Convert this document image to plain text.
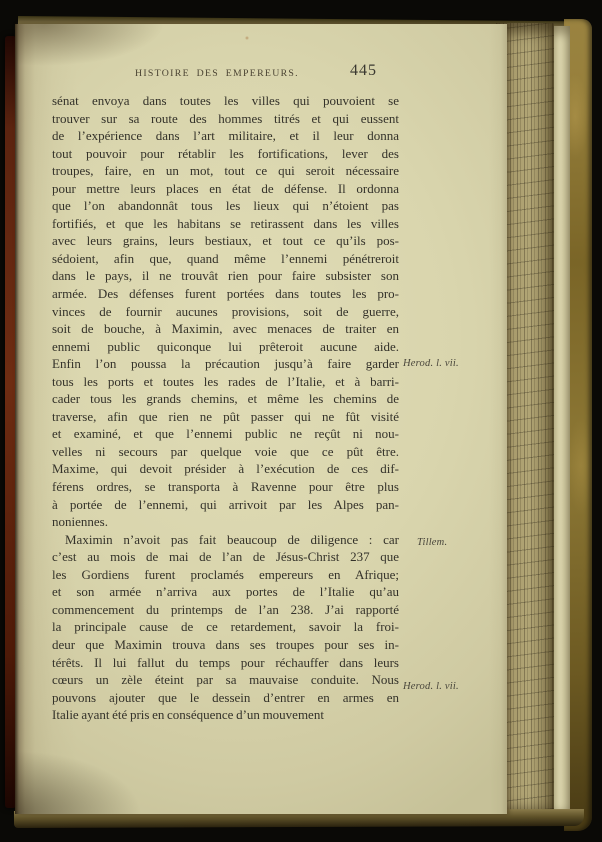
HISTOIRE DES EMPEREURS.	445
sénat envoya dans toutes les villes qui pouvoient se
trouver sur sa route des hommes titrés et qui eussent
de l’expérience dans l’art militaire, et il leur donna
tout pouvoir pour rétablir les fortifications, lever des
troupes, faire, en un mot, tout ce qui seroit nécessaire
pour mettre leurs places en état de défense. Il ordonna
que l’on abandonnât tous les lieux qui n’étoient pas
fortifiés, et que les habitans se retirassent dans les villes
avec leurs grains, leurs bestiaux, et tout ce qu’ils pos-
sédoient, afin que, quand même l’ennemi pénétreroit
dans le pays, il ne trouvât rien pour faire subsister son
armée. Des défenses furent portées dans toutes les pro-
vinces de fournir aucunes provisions, soit de guerre,
soit de bouche, à Maximin, avec menaces de traiter en
ennemi public quiconque lui prêteroit aucune aide.
Enfin l’on poussa la précaution jusqu’à faire garder
tous les ports et toutes les rades de l’Italie, et à barri-
cader tous les grands chemins, et même les chemins de
traverse, afin que rien ne pût passer qui ne fût visité
et examiné, et que l’ennemi public ne reçût ni nou-
velles ni secours par quelque voie que ce pût être.
Maxime, qui devoit présider à l’exécution de ces dif-
férens ordres, se transporta à Ravenne pour être plus
à portée de l’ennemi, qui arrivoit par les Alpes pan-
noniennes.
Maximin n’avoit pas fait beaucoup de diligence : car
c’est au mois de mai de l’an de Jésus-Christ 237 que
les Gordiens furent proclamés empereurs en Afrique;
et son armée n’arriva aux portes de l’Italie qu’au
commencement du printemps de l’an 238. J’ai rapporté
la principale cause de ce retardement, savoir la froi-
deur que Maximin trouva dans ses troupes pour ses in-
térêts. Il lui fallut du temps pour réchauffer dans leurs
cœurs un zèle éteint par sa mauvaise conduite. Nous
pouvons ajouter que le dessein d’entrer en armes en
Italie ayant été pris en conséquence d’un mouvement
Herod. l. vii.
Tillem.
Herod. l. vii.
